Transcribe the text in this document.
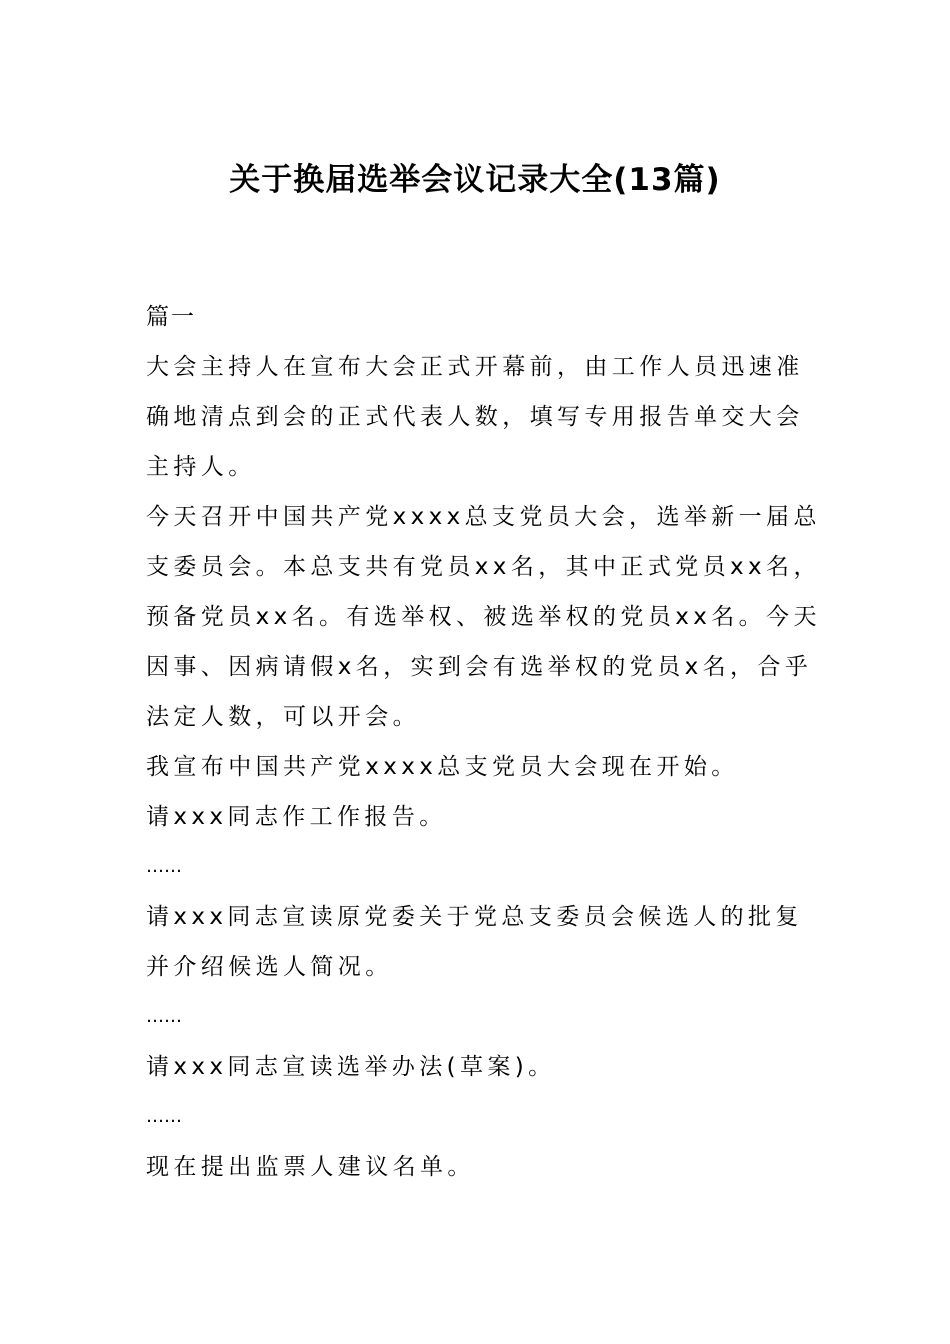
关于换届选举会议记录大全(13篇)

篇一

大会主持人在宣布大会正式开幕前，由工作人员迅速准确地清点到会的正式代表人数，填写专用报告单交大会主持人。

今天召开中国共产党xxxx总支党员大会，选举新一届总支委员会。本总支共有党员xx名，其中正式党员xx名，预备党员xx名。有选举权、被选举权的党员xx名。今天因事、因病请假x名，实到会有选举权的党员x名，合乎法定人数，可以开会。

我宣布中国共产党xxxx总支党员大会现在开始。

请xxx同志作工作报告。

……

请xxx同志宣读原党委关于党总支委员会候选人的批复并介绍候选人简况。

……

请xxx同志宣读选举办法(草案)。

……

现在提出监票人建议名单。
